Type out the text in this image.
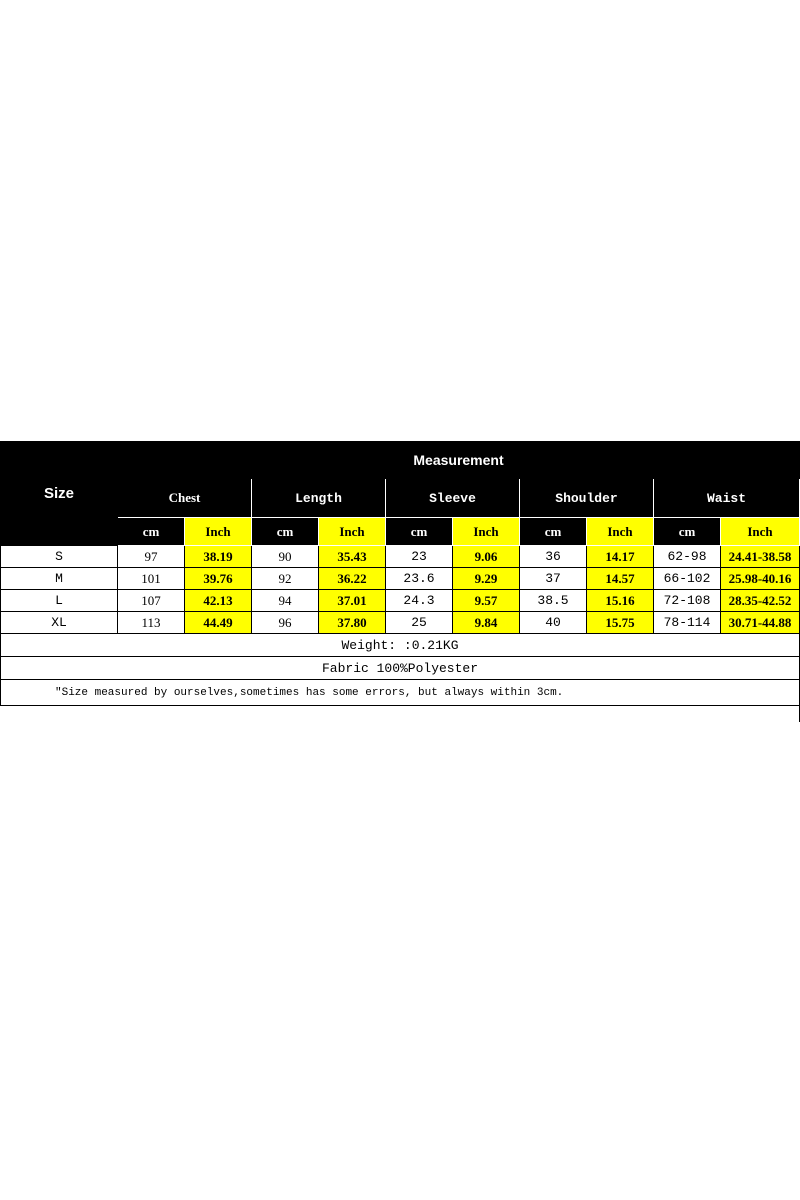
Size	Measurement									
	Chest		Length		Sleeve		Shoulder		Waist	
	cm	Inch	cm	Inch	cm	Inch	cm	Inch	cm	Inch
S	97	38.19	90	35.43	23	9.06	36	14.17	62-98	24.41-38.58
M	101	39.76	92	36.22	23.6	9.29	37	14.57	66-102	25.98-40.16
L	107	42.13	94	37.01	24.3	9.57	38.5	15.16	72-108	28.35-42.52
XL	113	44.49	96	37.80	25	9.84	40	15.75	78-114	30.71-44.88
Weight: :0.21KG										
Fabric 100%Polyester										
"Size measured by ourselves,sometimes has some errors, but always within 3cm.										
